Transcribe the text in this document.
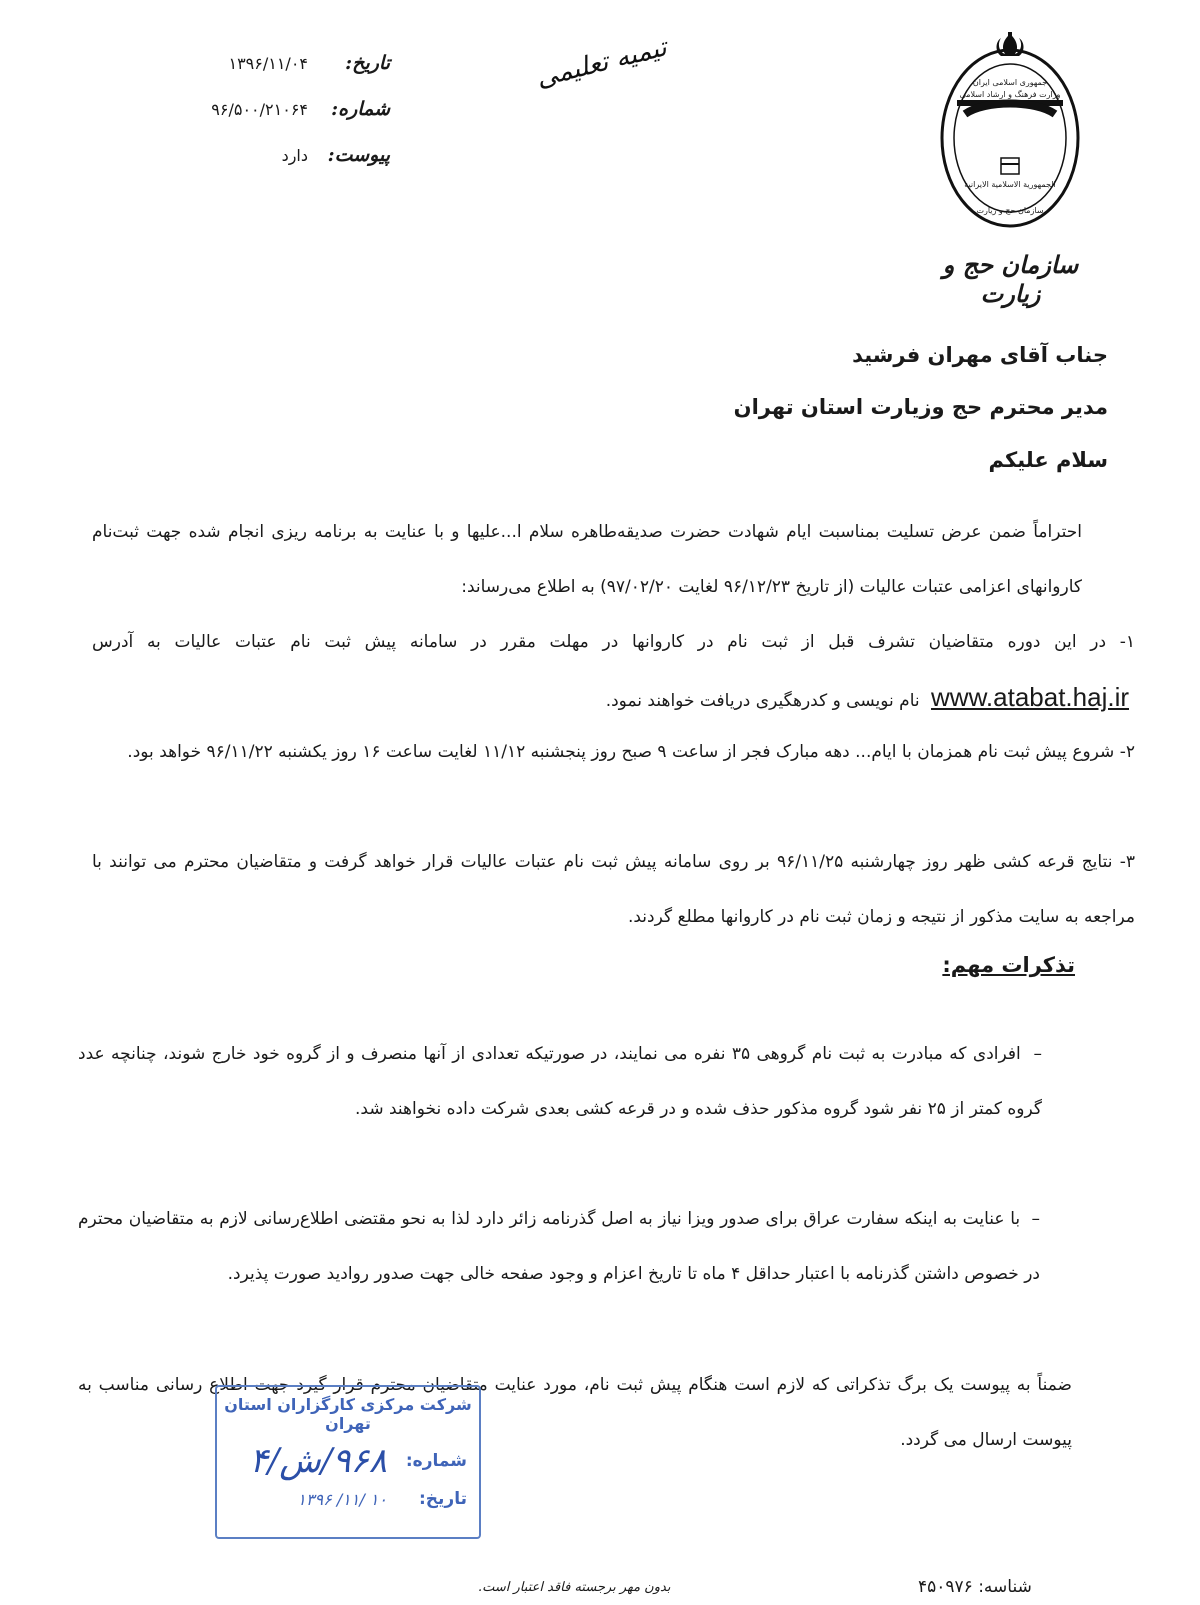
تاریخ:
۱۳۹۶/۱۱/۰۴
شماره:
۹۶/۵۰۰/۲۱۰۶۴
پیوست:
دارد
تیمیه تعلیمی	جمهوری اسلامی ایران
وزارت فرهنگ و ارشاد اسلامی
الجمهوریة الاسلامیة الایرانیة
سازمان حج و زیارت
سازمان حج و زیارت
جناب آقای مهران فرشید
مدیر محترم حج وزیارت استان تهران
سلام علیکم
احتراماً ضمن عرض تسلیت بمناسبت ایام شهادت حضرت صدیقه‌طاهره سلام ا...علیها و با عنایت به برنامه ریزی انجام شده جهت ثبت‌نام کاروانهای اعزامی عتبات عالیات (از تاریخ ۹۶/۱۲/۲۳ لغایت ۹۷/۰۲/۲۰) به اطلاع می‌رساند:
۱- در این دوره متقاضیان تشرف قبل از ثبت نام در کاروانها در مهلت مقرر در سامانه پیش ثبت نام عتبات عالیات به آدرس www.atabat.haj.ir نام نویسی و کدرهگیری دریافت خواهند نمود.
۲- شروع پیش ثبت نام همزمان با ایام... دهه مبارک فجر از ساعت ۹ صبح روز پنجشنبه ۱۱/۱۲ لغایت ساعت ۱۶ روز یکشنبه ۹۶/۱۱/۲۲ خواهد بود.
۳- نتایج قرعه کشی ظهر روز چهارشنبه ۹۶/۱۱/۲۵ بر روی سامانه پیش ثبت نام عتبات عالیات قرار خواهد گرفت و متقاضیان محترم می توانند با مراجعه به سایت مذکور از نتیجه و زمان ثبت نام در کاروانها مطلع گردند.
تذکرات مهم:
–  افرادی که مبادرت به ثبت نام گروهی ۳۵ نفره می نمایند، در صورتیکه تعدادی از آنها منصرف و از گروه خود خارج شوند، چنانچه عدد گروه کمتر از ۲۵ نفر شود گروه مذکور حذف شده و در قرعه کشی بعدی شرکت داده نخواهند شد.
–  با عنایت به اینکه سفارت عراق برای صدور ویزا نیاز به اصل گذرنامه زائر دارد لذا به نحو مقتضی اطلاع‌رسانی لازم به متقاضیان محترم در خصوص داشتن گذرنامه با اعتبار حداقل ۴ ماه تا تاریخ اعزام و وجود صفحه خالی جهت صدور روادید صورت پذیرد.
ضمناً به پیوست یک برگ تذکراتی که لازم است هنگام پیش ثبت نام، مورد عنایت متقاضیان محترم قرار گیرد جهت اطلاع رسانی مناسب به پیوست ارسال می گردد.
شرکت مرکزی کارگزاران استان تهران
شماره:
۹۶۸/ش/۴
تاریخ:
۱۰ /۱۱/ ۱۳۹۶
بدون مهر برجسته فاقد اعتبار است.	شناسه: ۴۵۰۹۷۶
